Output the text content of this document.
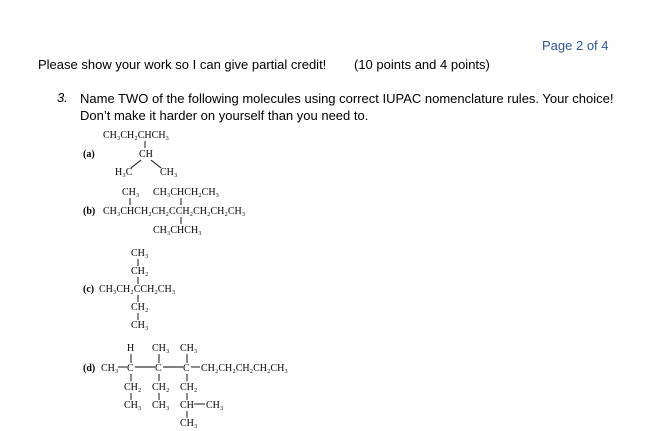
Page 2 of 4
Please show your work so I can give partial credit! (10 points and 4 points)
3. Name TWO of the following molecules using correct IUPAC nomenclature rules. Your choice! Don’t make it harder on yourself than you need to.
CH₃CH₂CHCH₃
(a)	CH
H₃C	CH₃
CH₃ CH₃CHCH₂CH₃
(b) CH₃CHCH₂CH₂CCH₂CH₂CH₂CH₃
CH₃CHCH₃
CH₃
CH₂
(c) CH₃CH₂CCH₂CH₃
CH₂
CH₃
H CH₃ CH₃
(d) CH₃ C C C CH₂CH₂CH₂CH₂CH₃
CH₂ CH₂ CH₂
CH₃ CH₃ CH CH₃
CH₃
